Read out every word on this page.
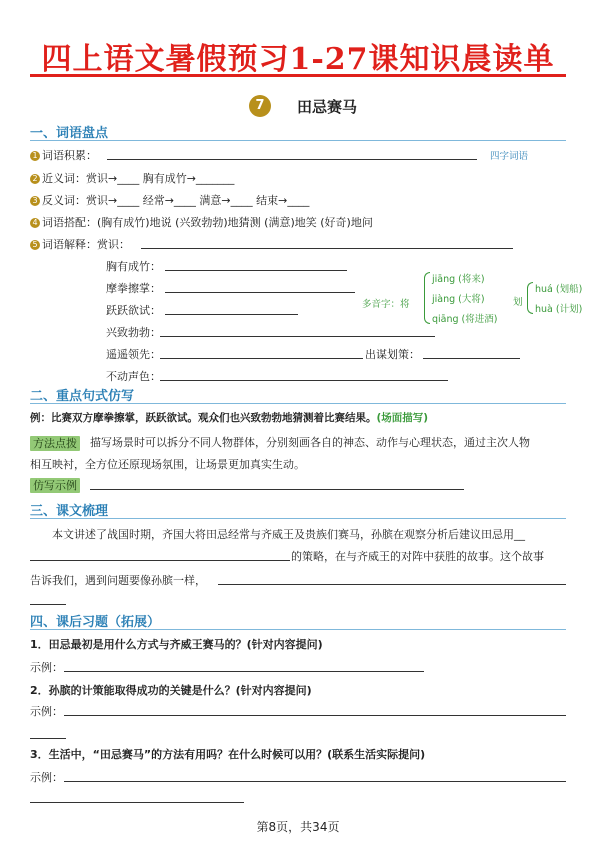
四上语文暑假预习1-27课知识晨读单
7	田忌赛马
一、词语盘点
1 词语积累：	四字词语
2 近义词：赏识→____ 胸有成竹→_______
3 反义词：赏识→____ 经常→____ 满意→____ 结束→____
4 词语搭配：(胸有成竹)地说 (兴致勃勃)地猜测 (满意)地笑 (好奇)地问
5 词语解释：赏识：
胸有成竹：
摩拳擦掌：
跃跃欲试：
兴致勃勃：
遥遥领先：	出谋划策：
不动声色：
多音字：将
jiāng (将来)
jiàng (大将)
qiāng (将进酒)
划
huá (划船)
huà (计划)
二、重点句式仿写
例：比赛双方摩拳擦掌，跃跃欲试。观众们也兴致勃勃地猜测着比赛结果。(场面描写)
方法点拨 描写场景时可以拆分不同人物群体，分别刻画各自的神态、动作与心理状态，通过主次人物
相互映衬，全方位还原现场氛围，让场景更加真实生动。
仿写示例
三、课文梳理
本文讲述了战国时期，齐国大将田忌经常与齐威王及贵族们赛马，孙膑在观察分析后建议田忌用__
的策略，在与齐威王的对阵中获胜的故事。这个故事
告诉我们，遇到问题要像孙膑一样，
四、课后习题（拓展）
1．田忌最初是用什么方式与齐威王赛马的？(针对内容提问)
示例：
2．孙膑的计策能取得成功的关键是什么？(针对内容提问)
示例：
3．生活中，“田忌赛马”的方法有用吗？在什么时候可以用？(联系生活实际提问)
示例：
第8页，共34页
